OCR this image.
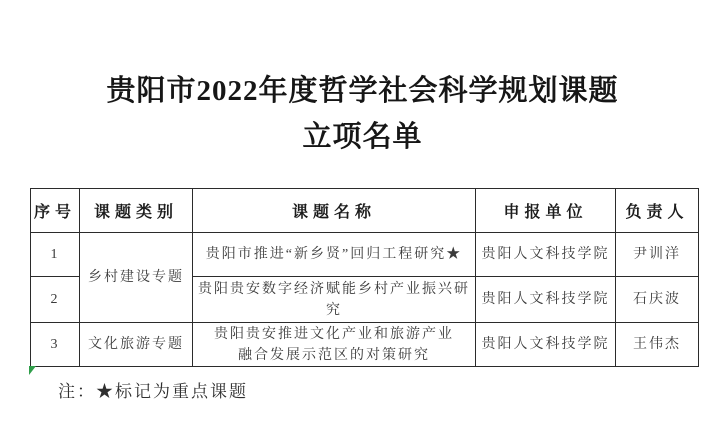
贵阳市2022年度哲学社会科学规划课题
立项名单
序号	课题类别	课题名称	申报单位	负责人
1	乡村建设专题	贵阳市推进“新乡贤”回归工程研究★	贵阳人文科技学院	尹训洋
2		贵阳贵安数字经济赋能乡村产业振兴研究	贵阳人文科技学院	石庆波
3	文化旅游专题	贵阳贵安推进文化产业和旅游产业融合发展示范区的对策研究	贵阳人文科技学院	王伟杰
注：★标记为重点课题
